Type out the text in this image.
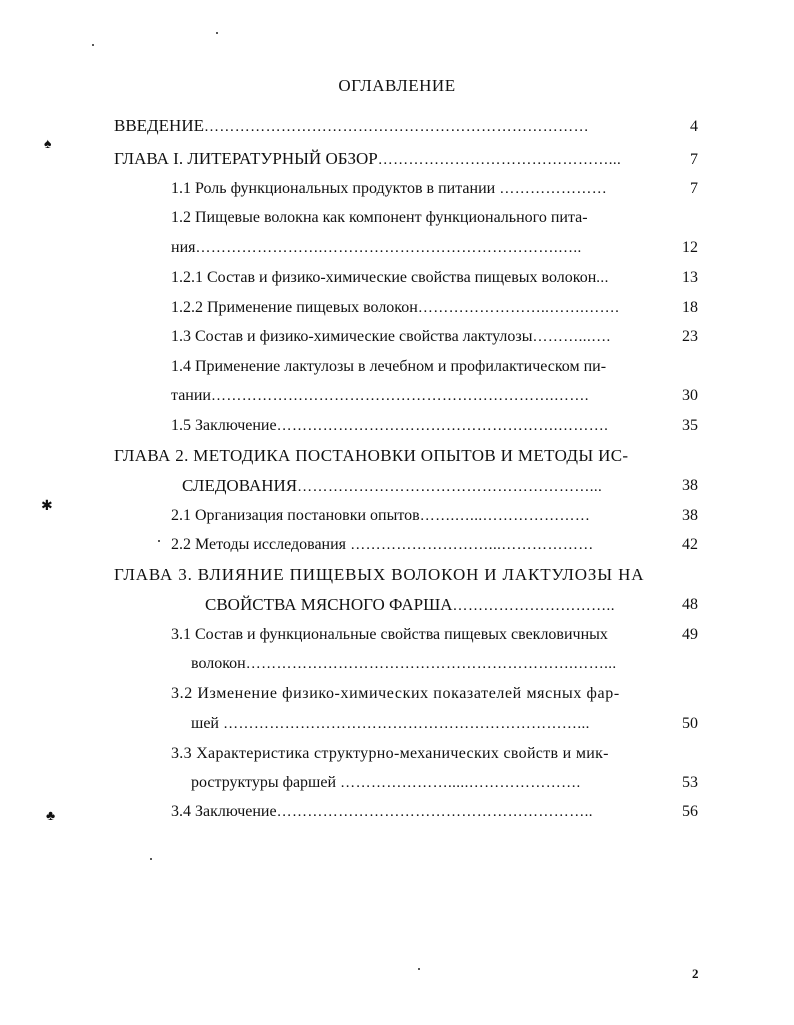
ОГЛАВЛЕНИЕ
ВВЕДЕНИЕ…………………………………………………………………	4
ГЛАВА I. ЛИТЕРАТУРНЫЙ ОБЗОР………………………………………...	7
1.1 Роль функциональных продуктов в питании …………………	7
1.2 Пищевые волокна как компонент функционального пита-
ния…………………….……………………………………….…..	12
1.2.1 Состав и физико-химические свойства пищевых волокон...	13
1.2.2 Применение пищевых волокон……………………..…….…….	18
1.3 Состав и физико-химические свойства лактулозы………...….	23
1.4 Применение лактулозы в лечебном и профилактическом пи-
тании………………………………………………………….…….	30
1.5 Заключение……………………………………………….……….	35
ГЛАВА 2. МЕТОДИКА ПОСТАНОВКИ ОПЫТОВ И МЕТОДЫ ИС-
СЛЕДОВАНИЯ…………………………………………………...	38
2.1 Организация постановки опытов…….…...…………………	38
2.2 Методы исследования ………………………...………………	42
ГЛАВА 3. ВЛИЯНИЕ ПИЩЕВЫХ ВОЛОКОН И ЛАКТУЛОЗЫ НА
СВОЙСТВА МЯСНОГО ФАРША…………………………..	48
3.1 Состав и функциональные свойства пищевых свекловичных	49
волокон……………………………………………………….……...
3.2 Изменение физико-химических показателей мясных фар-
шей ……………………………………………………………...	50
3.3 Характеристика структурно-механических свойств и мик-
роструктуры фаршей ………………….....………………….	53
3.4 Заключение……………………………………………………..	56
2
♠
✱
♣
